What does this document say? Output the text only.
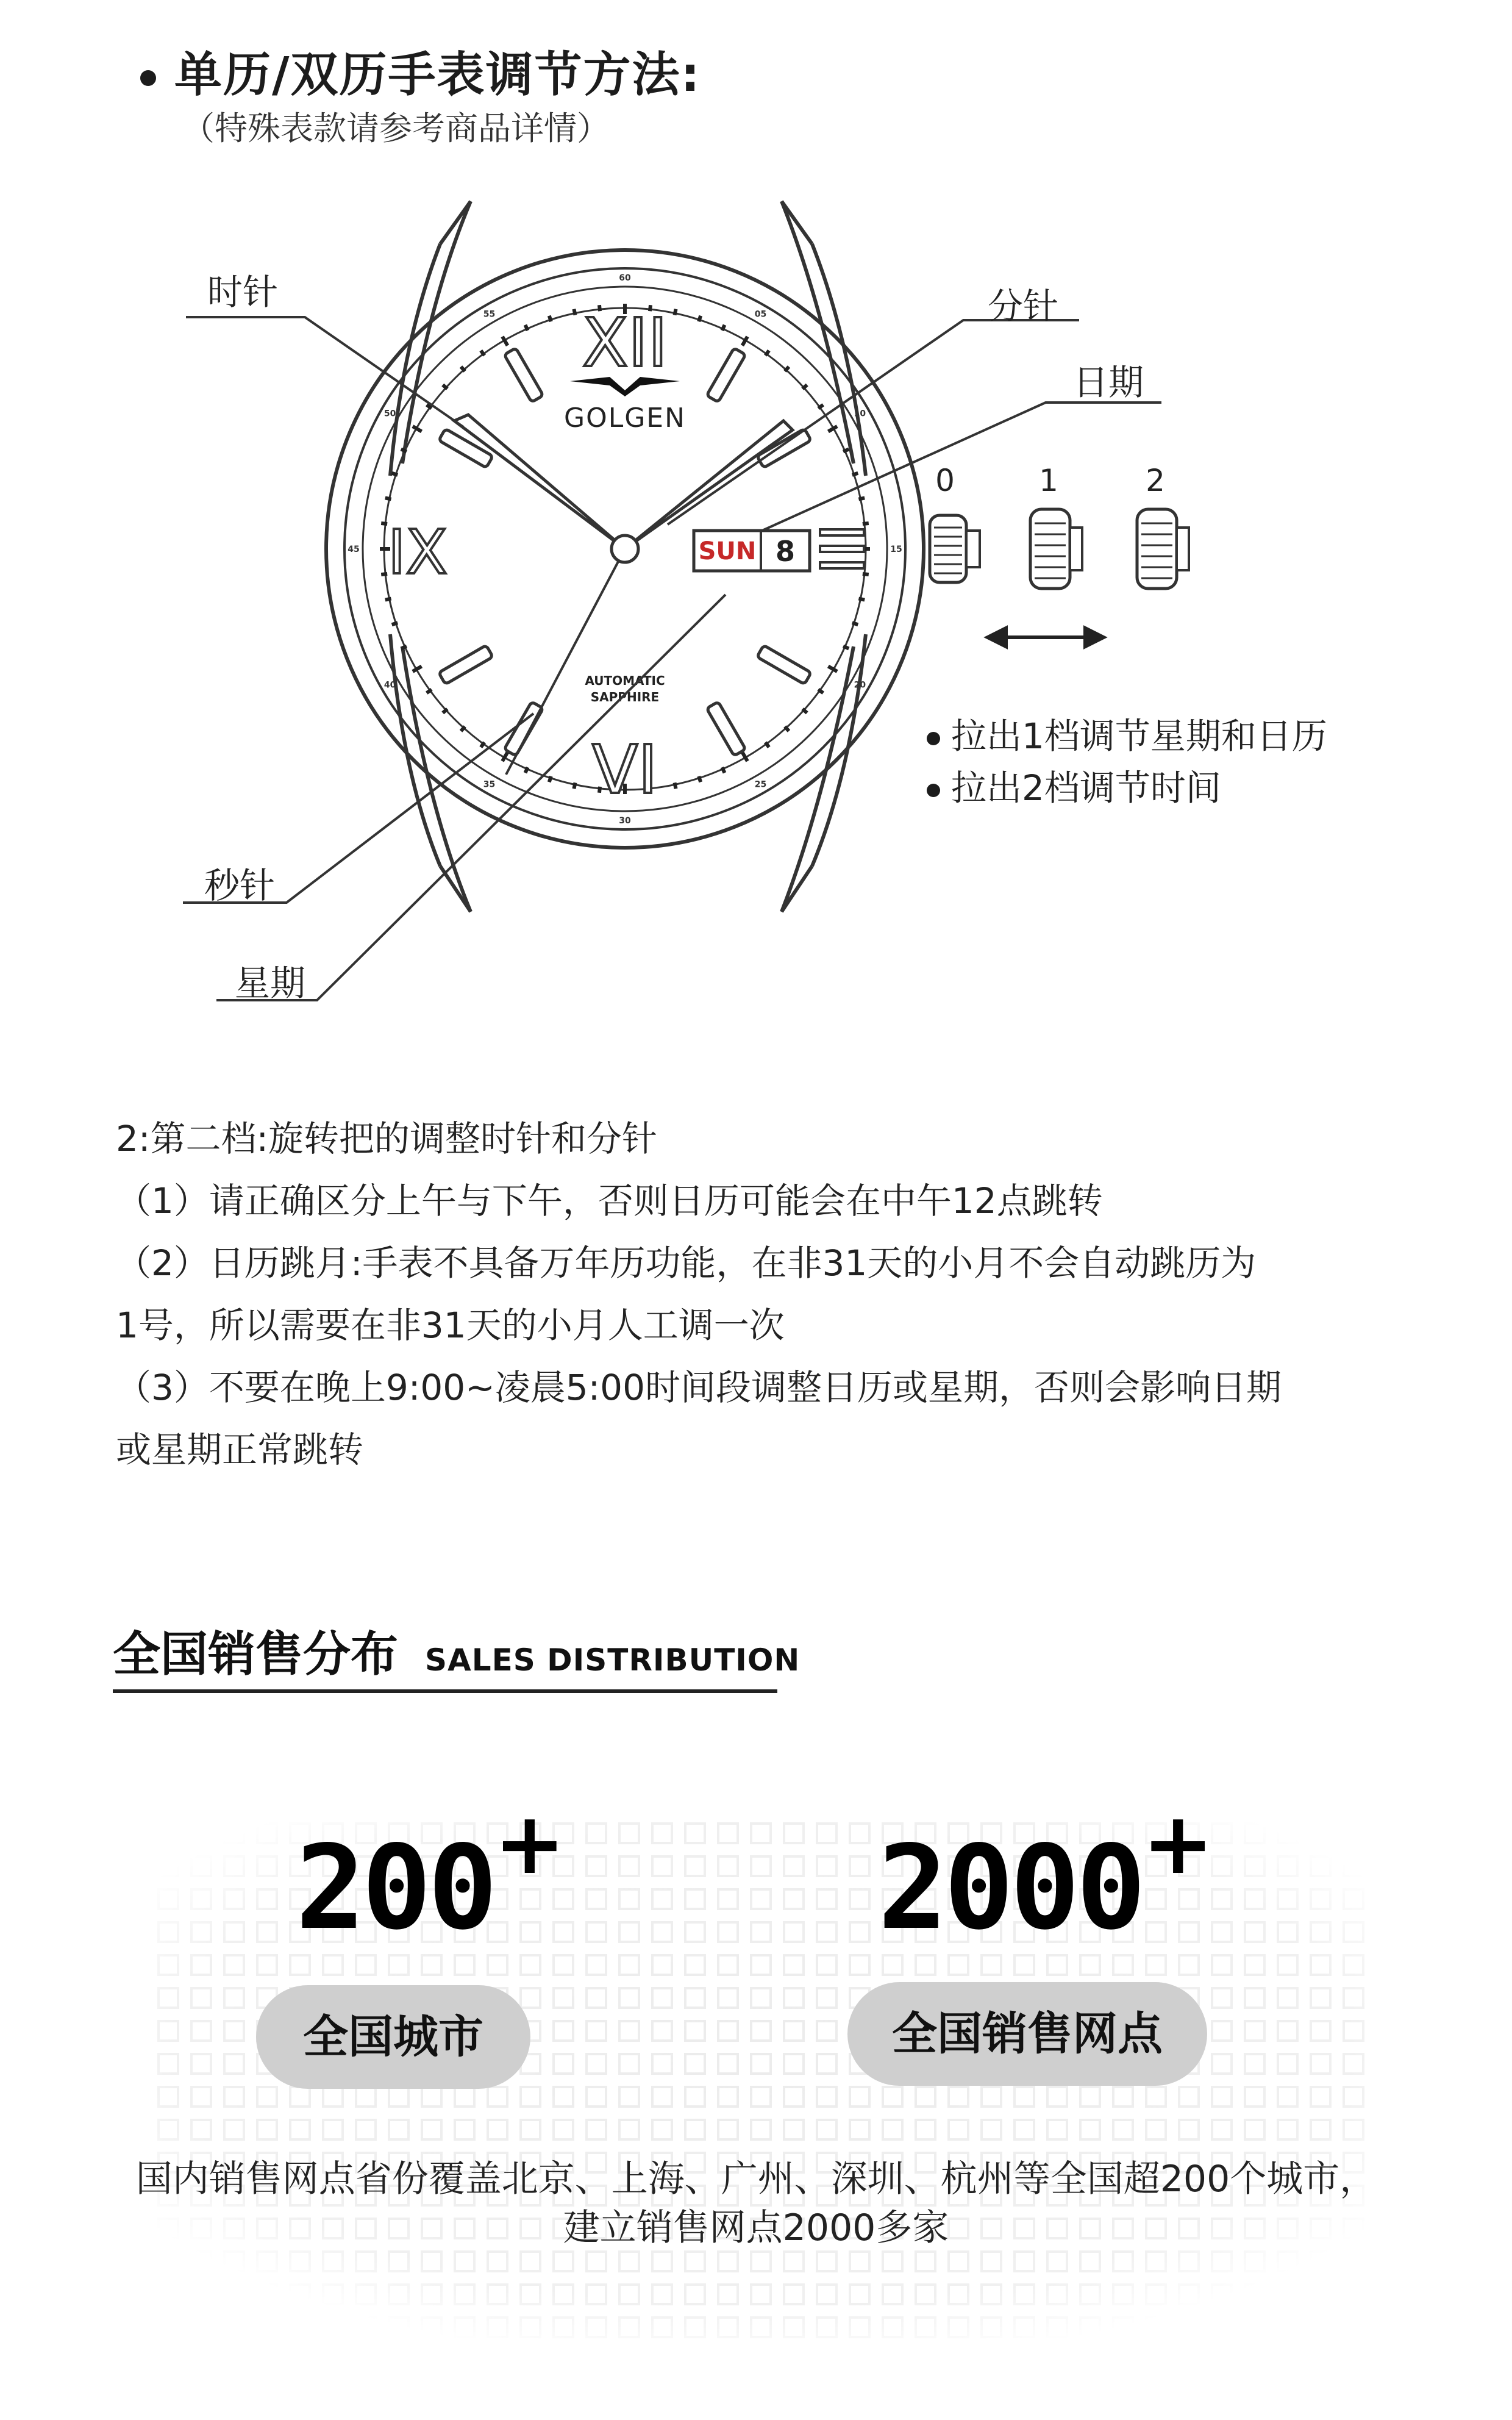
单历/双历手表调节方法:
（特殊表款请参考商品详情）
60
05
10
15
20
25
30
35
40
45
50
55 XII
VI
IX
GOLGEN
AUTOMATIC
SAPPHIRE
SUN 8
0	1	2
时针	分针
日期
秒针
星期
拉出1档调节星期和日历
拉出2档调节时间
2:第二档:旋转把的调整时针和分针
（1）请正确区分上午与下午，否则日历可能会在中午12点跳转
（2）日历跳月:手表不具备万年历功能，在非31天的小月不会自动跳历为
1号，所以需要在非31天的小月人工调一次
（3）不要在晚上9:00~凌晨5:00时间段调整日历或星期，否则会影响日期
或星期正常跳转
全国销售分布 SALES DISTRIBUTION
200+
全国城市
2000+
全国销售网点
国内销售网点省份覆盖北京、上海、广州、深圳、杭州等全国超200个城市，
建立销售网点2000多家
